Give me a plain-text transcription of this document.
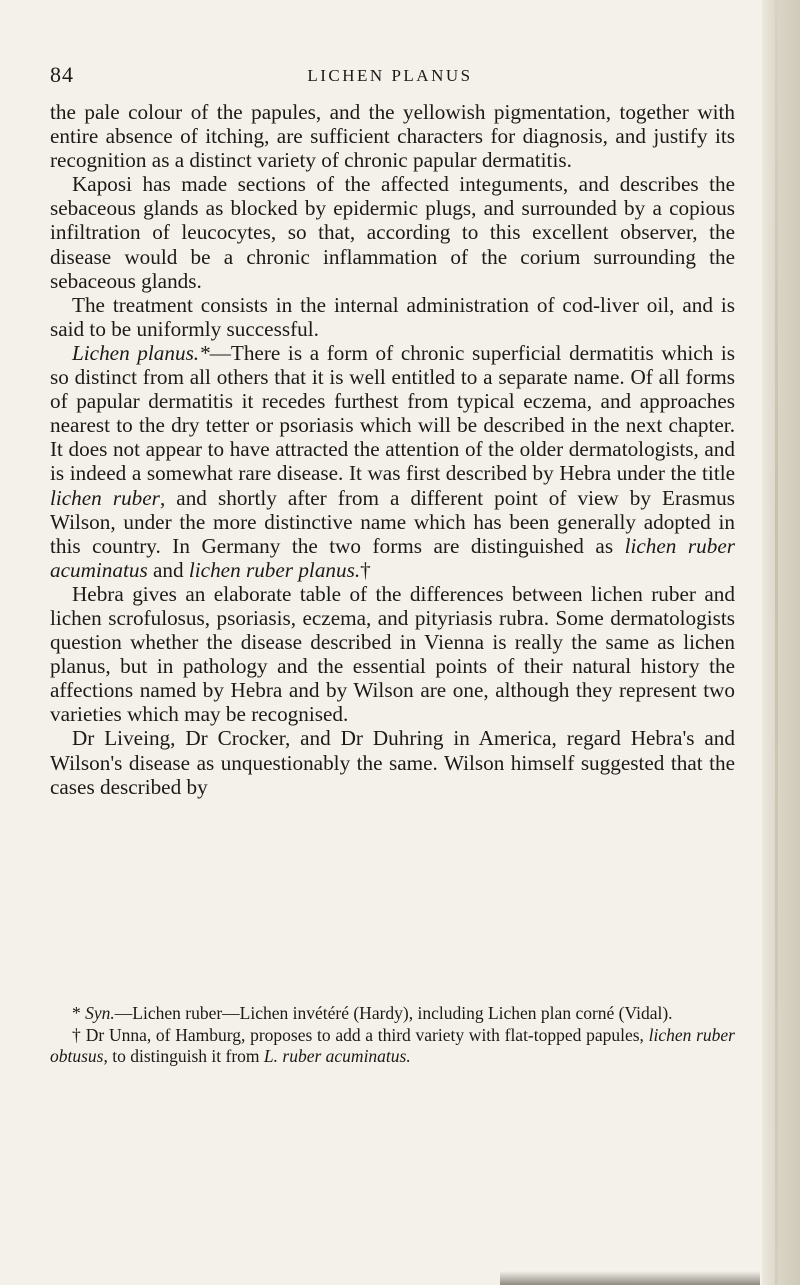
84	LICHEN PLANUS

the pale colour of the papules, and the yellowish pigmentation, together with entire absence of itching, are sufficient characters for diagnosis, and justify its recognition as a distinct variety of chronic papular dermatitis.

Kaposi has made sections of the affected integuments, and describes the sebaceous glands as blocked by epidermic plugs, and surrounded by a copious infiltration of leucocytes, so that, according to this excellent observer, the disease would be a chronic inflammation of the corium surrounding the sebaceous glands.

The treatment consists in the internal administration of cod-liver oil, and is said to be uniformly successful.

Lichen planus.*—There is a form of chronic superficial dermatitis which is so distinct from all others that it is well entitled to a separate name. Of all forms of papular dermatitis it recedes furthest from typical eczema, and approaches nearest to the dry tetter or psoriasis which will be described in the next chapter. It does not appear to have attracted the attention of the older dermatologists, and is indeed a somewhat rare disease. It was first described by Hebra under the title lichen ruber, and shortly after from a different point of view by Erasmus Wilson, under the more distinctive name which has been generally adopted in this country. In Germany the two forms are distinguished as lichen ruber acuminatus and lichen ruber planus.†

Hebra gives an elaborate table of the differences between lichen ruber and lichen scrofulosus, psoriasis, eczema, and pityriasis rubra. Some dermatologists question whether the disease described in Vienna is really the same as lichen planus, but in pathology and the essential points of their natural history the affections named by Hebra and by Wilson are one, although they represent two varieties which may be recognised.

Dr Liveing, Dr Crocker, and Dr Duhring in America, regard Hebra's and Wilson's disease as unquestionably the same. Wilson himself suggested that the cases described by

* Syn.—Lichen ruber—Lichen invétéré (Hardy), including Lichen plan corné (Vidal).

† Dr Unna, of Hamburg, proposes to add a third variety with flat-topped papules, lichen ruber obtusus, to distinguish it from L. ruber acuminatus.
